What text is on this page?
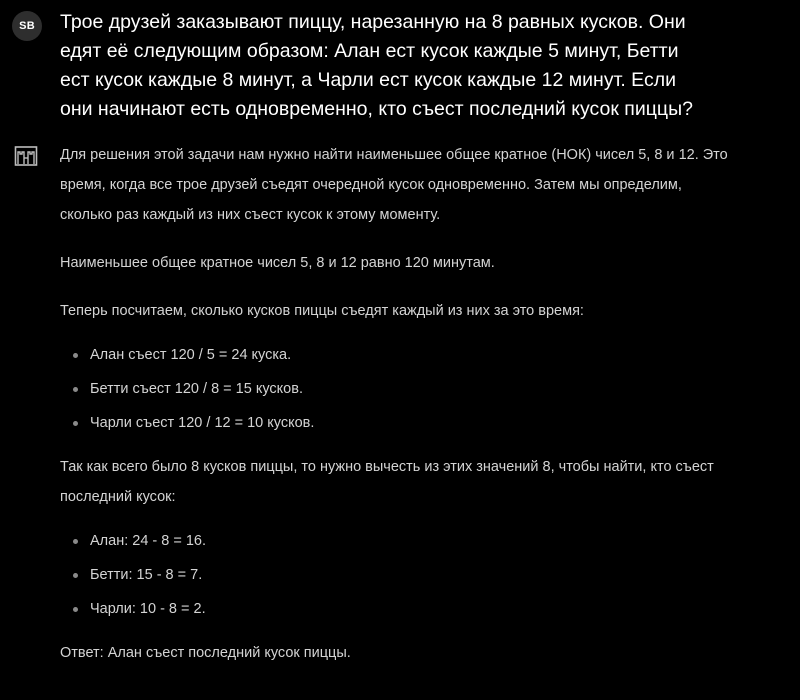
SB	Трое друзей заказывают пиццу, нарезанную на 8 равных кусков. Они
едят её следующим образом: Алан ест кусок каждые 5 минут, Бетти
ест кусок каждые 8 минут, а Чарли ест кусок каждые 12 минут. Если
они начинают есть одновременно, кто съест последний кусок пиццы?

Для решения этой задачи нам нужно найти наименьшее общее кратное (НОК) чисел 5, 8 и 12. Это
время, когда все трое друзей съедят очередной кусок одновременно. Затем мы определим,
сколько раз каждый из них съест кусок к этому моменту.

Наименьшее общее кратное чисел 5, 8 и 12 равно 120 минутам.

Теперь посчитаем, сколько кусков пиццы съедят каждый из них за это время:

Алан съест 120 / 5 = 24 куска.
Бетти съест 120 / 8 = 15 кусков.
Чарли съест 120 / 12 = 10 кусков.

Так как всего было 8 кусков пиццы, то нужно вычесть из этих значений 8, чтобы найти, кто съест
последний кусок:

Алан: 24 - 8 = 16.
Бетти: 15 - 8 = 7.
Чарли: 10 - 8 = 2.

Ответ: Алан съест последний кусок пиццы.
